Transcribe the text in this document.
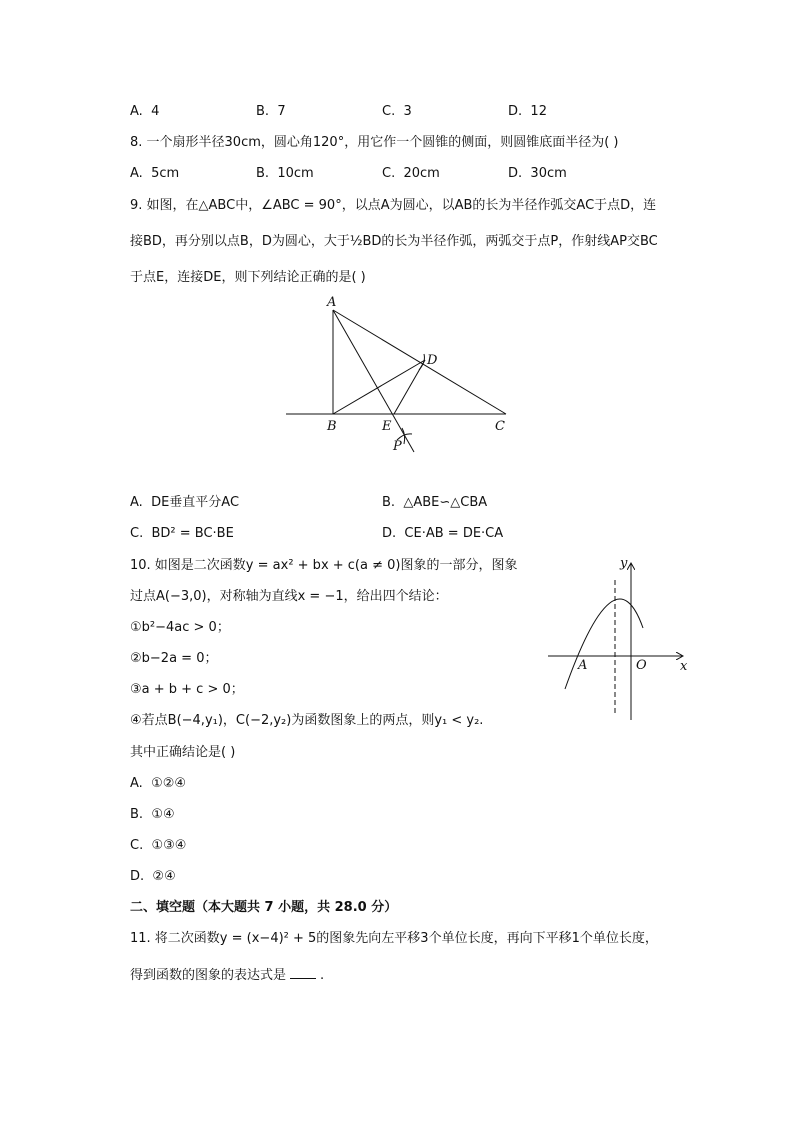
A. 4	B. 7	C. 3	D. 12
8. 一个扇形半径30cm，圆心角120°，用它作一个圆锥的侧面，则圆锥底面半径为( )
A. 5cm	B. 10cm	C. 20cm	D. 30cm
9. 如图，在△ABC中，∠ABC = 90°，以点A为圆心，以AB的长为半径作弧交AC于点D，连
接BD，再分别以点B，D为圆心，大于½BD的长为半径作弧，两弧交于点P，作射线AP交BC
于点E，连接DE，则下列结论正确的是( )
A
B	C
D
E
P
A. DE垂直平分AC	B. △ABE∽△CBA
C. BD² = BC·BE	D. CE·AB = DE·CA
10. 如图是二次函数y = ax² + bx + c(a ≠ 0)图象的一部分，图象
过点A(−3,0)，对称轴为直线x = −1，给出四个结论：
①b²−4ac > 0；
②b−2a = 0；
③a + b + c > 0；
④若点B(−4,y₁)，C(−2,y₂)为函数图象上的两点，则y₁ < y₂.
其中正确结论是( )
y
x
A	O
A. ①②④
B. ①④
C. ①③④
D. ②④
二、填空题（本大题共 7 小题，共 28.0 分）
11. 将二次函数y = (x−4)² + 5的图象先向左平移3个单位长度，再向下平移1个单位长度，
得到函数的图象的表达式是	.
